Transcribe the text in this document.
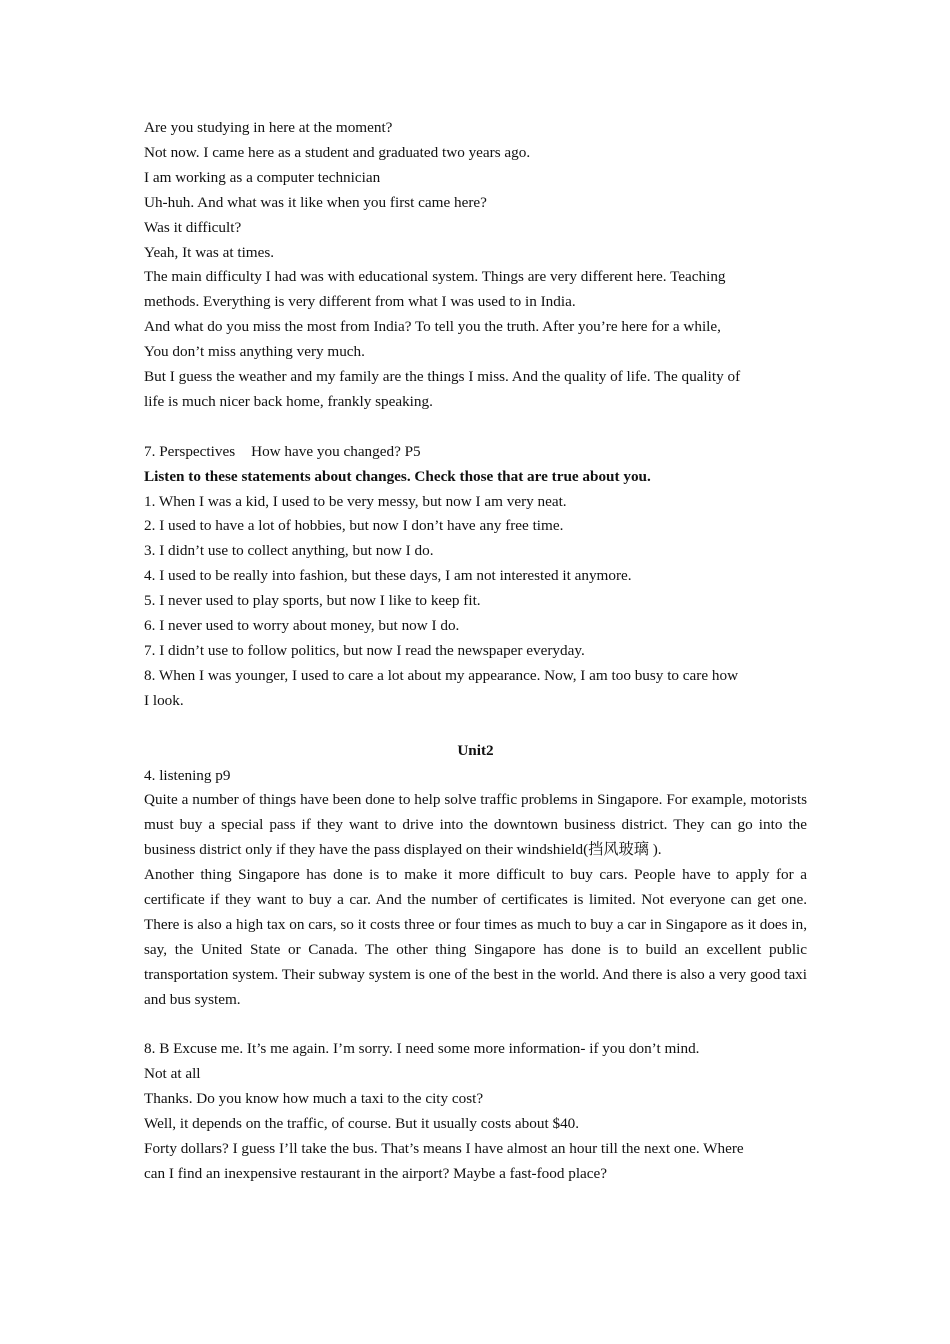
Are you studying in here at the moment?
Not now. I came here as a student and graduated two years ago.
I am working as a computer technician
Uh-huh. And what was it like when you first came here?
Was it difficult?
Yeah, It was at times.
The main difficulty I had was with educational system. Things are very different here. Teaching
methods. Everything is very different from what I was used to in India.
And what do you miss the most from India? To tell you the truth. After you’re here for a while,
You don’t miss anything very much.
But I guess the weather and my family are the things I miss. And the quality of life. The quality of
life is much nicer back home, frankly speaking.
7. Perspectives How have you changed? P5
Listen to these statements about changes. Check those that are true about you.
1. When I was a kid, I used to be very messy, but now I am very neat.
2. I used to have a lot of hobbies, but now I don’t have any free time.
3. I didn’t use to collect anything, but now I do.
4. I used to be really into fashion, but these days, I am not interested it anymore.
5. I never used to play sports, but now I like to keep fit.
6. I never used to worry about money, but now I do.
7. I didn’t use to follow politics, but now I read the newspaper everyday.
8. When I was younger, I used to care a lot about my appearance. Now, I am too busy to care how
I look.
Unit2
4. listening p9
Quite a number of things have been done to help solve traffic problems in Singapore. For example, motorists must buy a special pass if they want to drive into the downtown business district. They can go into the business district only if they have the pass displayed on their windshield(挡风玻璃 ).
Another thing Singapore has done is to make it more difficult to buy cars. People have to apply for a certificate if they want to buy a car. And the number of certificates is limited. Not everyone can get one. There is also a high tax on cars, so it costs three or four times as much to buy a car in Singapore as it does in, say, the United State or Canada. The other thing Singapore has done is to build an excellent public transportation system. Their subway system is one of the best in the world. And there is also a very good taxi and bus system.
8. B Excuse me. It’s me again. I’m sorry. I need some more information- if you don’t mind.
Not at all
Thanks. Do you know how much a taxi to the city cost?
Well, it depends on the traffic, of course. But it usually costs about $40.
Forty dollars? I guess I’ll take the bus. That’s means I have almost an hour till the next one. Where
can I find an inexpensive restaurant in the airport? Maybe a fast-food place?
